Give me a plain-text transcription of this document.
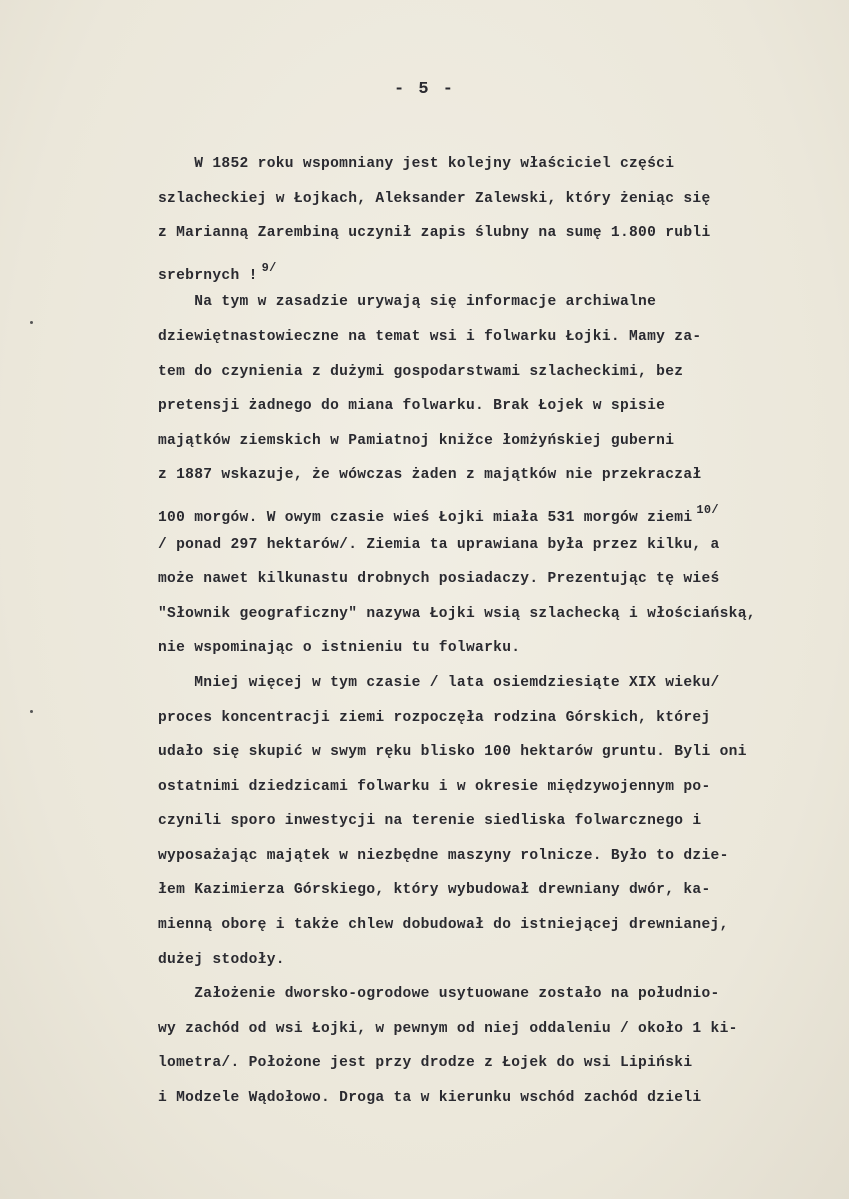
- 5 -
W 1852 roku wspomniany jest kolejny właściciel części
szlacheckiej w Łojkach, Aleksander Zalewski, który żeniąc się
z Marianną Zarembiną uczynił zapis ślubny na sumę 1.800 rubli
srebrnych ! $^{9/}$
Na tym w zasadzie urywają się informacje archiwalne
dziewiętnastowieczne na temat wsi i folwarku Łojki. Mamy za-
tem do czynienia z dużymi gospodarstwami szlacheckimi, bez
pretensji żadnego do miana folwarku. Brak Łojek w spisie
majątków ziemskich w Pamiatnoj knižce łomżyńskiej guberni
z 1887 wskazuje, że wówczas żaden z majątków nie przekraczał
100 morgów. W owym czasie wieś Łojki miała 531 morgów ziemi $^{10/}$
/ ponad 297 hektarów/. Ziemia ta uprawiana była przez kilku, a
może nawet kilkunastu drobnych posiadaczy. Prezentując tę wieś
"Słownik geograficzny" nazywa Łojki wsią szlachecką i włościańską,
nie wspominając o istnieniu tu folwarku.
Mniej więcej w tym czasie / lata osiemdziesiąte XIX wieku/
proces koncentracji ziemi rozpoczęła rodzina Górskich, której
udało się skupić w swym ręku blisko 100 hektarów gruntu. Byli oni
ostatnimi dziedzicami folwarku i w okresie międzywojennym po-
czynili sporo inwestycji na terenie siedliska folwarcznego i
wyposażając majątek w niezbędne maszyny rolnicze. Było to dzie-
łem Kazimierza Górskiego, który wybudował drewniany dwór, ka-
mienną oborę i także chlew dobudował do istniejącej drewnianej,
dużej stodoły.
Założenie dworsko-ogrodowe usytuowane zostało na południo-
wy zachód od wsi Łojki, w pewnym od niej oddaleniu / około 1 ki-
lometra/. Położone jest przy drodze z Łojek do wsi Lipiński
i Modzele Wądołowo. Droga ta w kierunku wschód zachód dzieli
